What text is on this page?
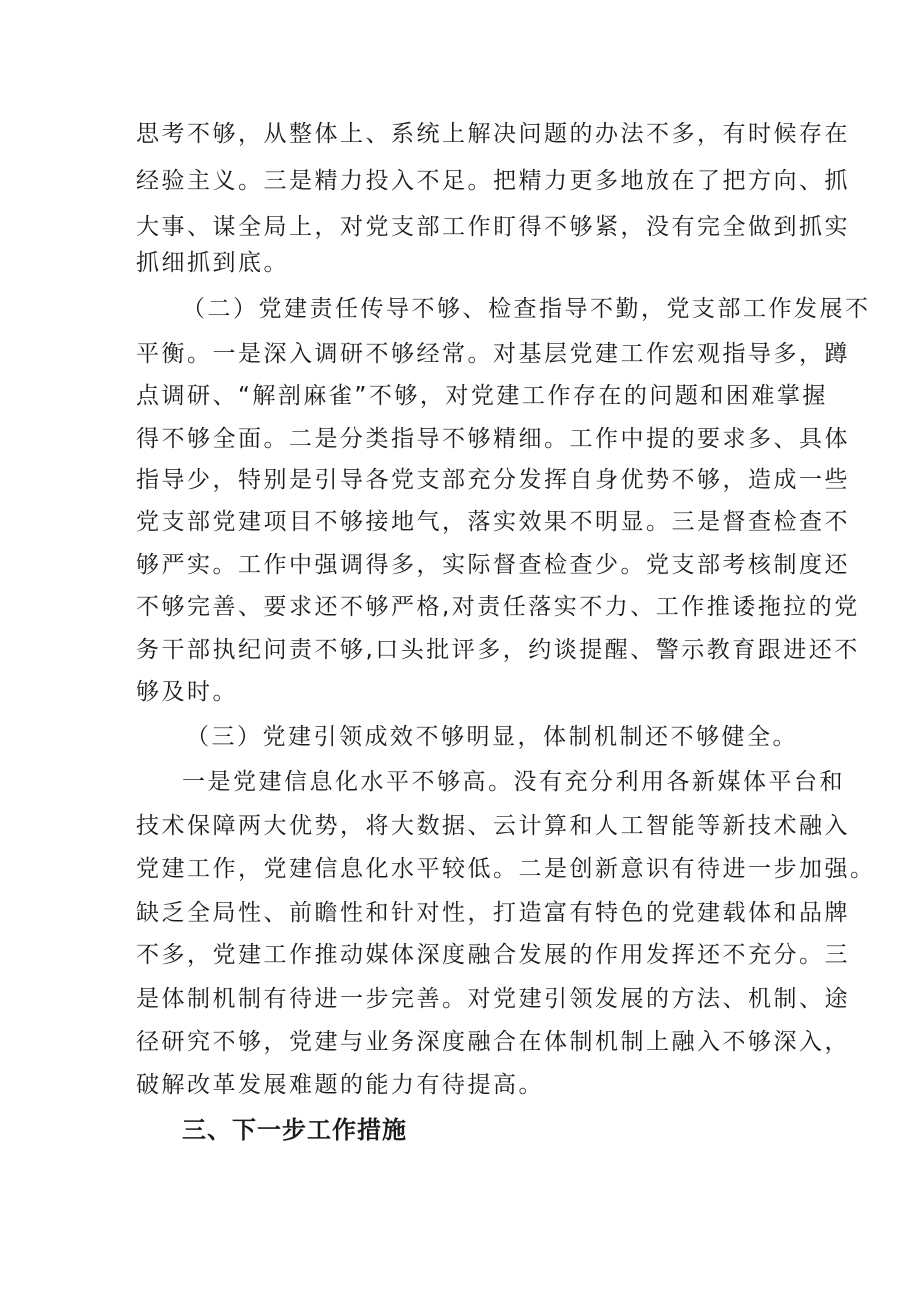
思考不够，从整体上、系统上解决问题的办法不多，有时候存在
经验主义。三是精力投入不足。把精力更多地放在了把方向、抓
大事、谋全局上，对党支部工作盯得不够紧，没有完全做到抓实
抓细抓到底。
（二）党建责任传导不够、检查指导不勤，党支部工作发展不
平衡。一是深入调研不够经常。对基层党建工作宏观指导多，蹲
点调研、“解剖麻雀”不够，对党建工作存在的问题和困难掌握
得不够全面。二是分类指导不够精细。工作中提的要求多、具体
指导少，特别是引导各党支部充分发挥自身优势不够，造成一些
党支部党建项目不够接地气，落实效果不明显。三是督查检查不
够严实。工作中强调得多，实际督查检查少。党支部考核制度还
不够完善、要求还不够严格,对责任落实不力、工作推诿拖拉的党
务干部执纪问责不够,口头批评多，约谈提醒、警示教育跟进还不
够及时。
（三）党建引领成效不够明显，体制机制还不够健全。
一是党建信息化水平不够高。没有充分利用各新媒体平台和
技术保障两大优势，将大数据、云计算和人工智能等新技术融入
党建工作，党建信息化水平较低。二是创新意识有待进一步加强。
缺乏全局性、前瞻性和针对性，打造富有特色的党建载体和品牌
不多，党建工作推动媒体深度融合发展的作用发挥还不充分。三
是体制机制有待进一步完善。对党建引领发展的方法、机制、途
径研究不够，党建与业务深度融合在体制机制上融入不够深入，
破解改革发展难题的能力有待提高。
三、下一步工作措施
